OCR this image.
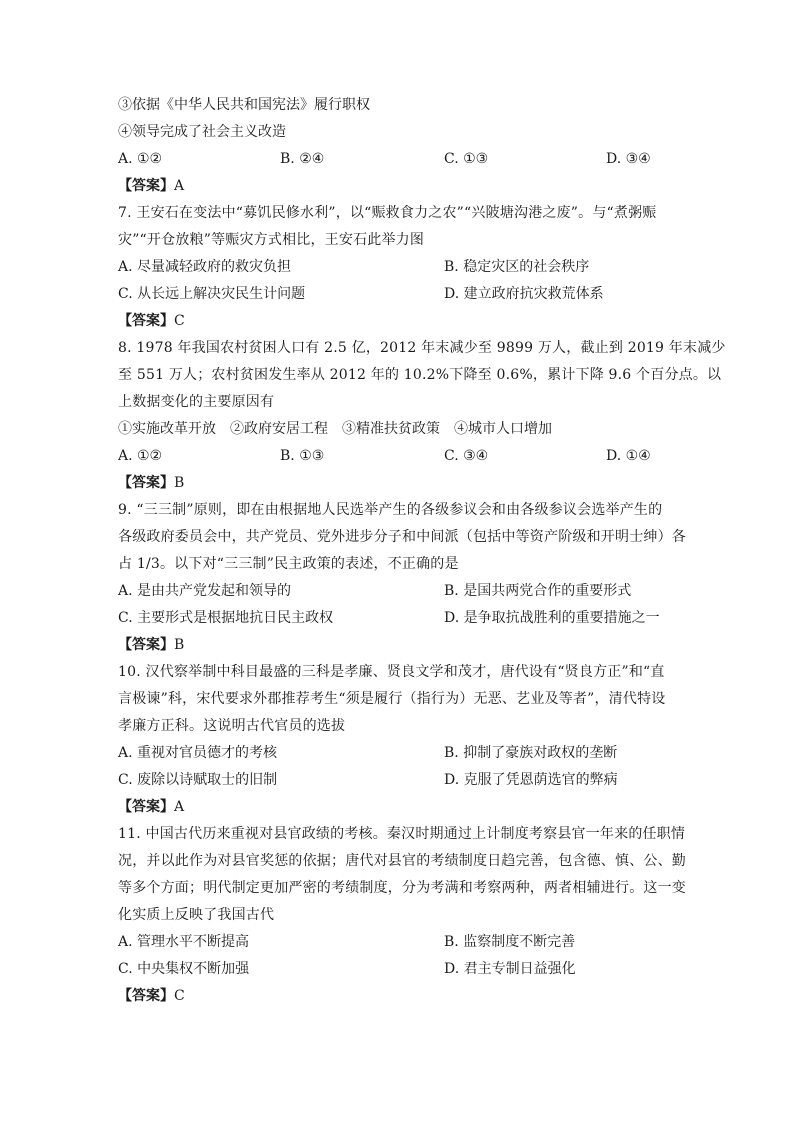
③依据《中华人民共和国宪法》履行职权
④领导完成了社会主义改造
A. ①②	B. ②④	C. ①③	D. ③④
【答案】A
7. 王安石在变法中“募饥民修水利”，以“赈救食力之农”“兴陂塘沟港之废”。与“煮粥赈
灾”“开仓放粮”等赈灾方式相比，王安石此举力图
A. 尽量减轻政府的救灾负担	B. 稳定灾区的社会秩序
C. 从长远上解决灾民生计问题	D. 建立政府抗灾救荒体系
【答案】C
8. 1978 年我国农村贫困人口有 2.5 亿，2012 年末减少至 9899 万人，截止到 2019 年末减少
至 551 万人；农村贫困发生率从 2012 年的 10.2%下降至 0.6%，累计下降 9.6 个百分点。以
上数据变化的主要原因有
①实施改革开放 ②政府安居工程 ③精准扶贫政策 ④城市人口增加
A. ①②	B. ①③	C. ③④	D. ①④
【答案】B
9. “三三制”原则，即在由根据地人民选举产生的各级参议会和由各级参议会选举产生的
各级政府委员会中，共产党员、党外进步分子和中间派（包括中等资产阶级和开明士绅）各
占 1/3。以下对“三三制”民主政策的表述，不正确的是
A. 是由共产党发起和领导的	B. 是国共两党合作的重要形式
C. 主要形式是根据地抗日民主政权	D. 是争取抗战胜利的重要措施之一
【答案】B
10. 汉代察举制中科目最盛的三科是孝廉、贤良文学和茂才，唐代设有“贤良方正”和“直
言极谏”科，宋代要求外郡推荐考生“须是履行（指行为）无恶、艺业及等者”，清代特设
孝廉方正科。这说明古代官员的选拔
A. 重视对官员德才的考核	B. 抑制了豪族对政权的垄断
C. 废除以诗赋取士的旧制	D. 克服了凭恩荫选官的弊病
【答案】A
11. 中国古代历来重视对县官政绩的考核。秦汉时期通过上计制度考察县官一年来的任职情
况，并以此作为对县官奖惩的依据；唐代对县官的考绩制度日趋完善，包含德、慎、公、勤
等多个方面；明代制定更加严密的考绩制度，分为考满和考察两种，两者相辅进行。这一变
化实质上反映了我国古代
A. 管理水平不断提高	B. 监察制度不断完善
C. 中央集权不断加强	D. 君主专制日益强化
【答案】C
